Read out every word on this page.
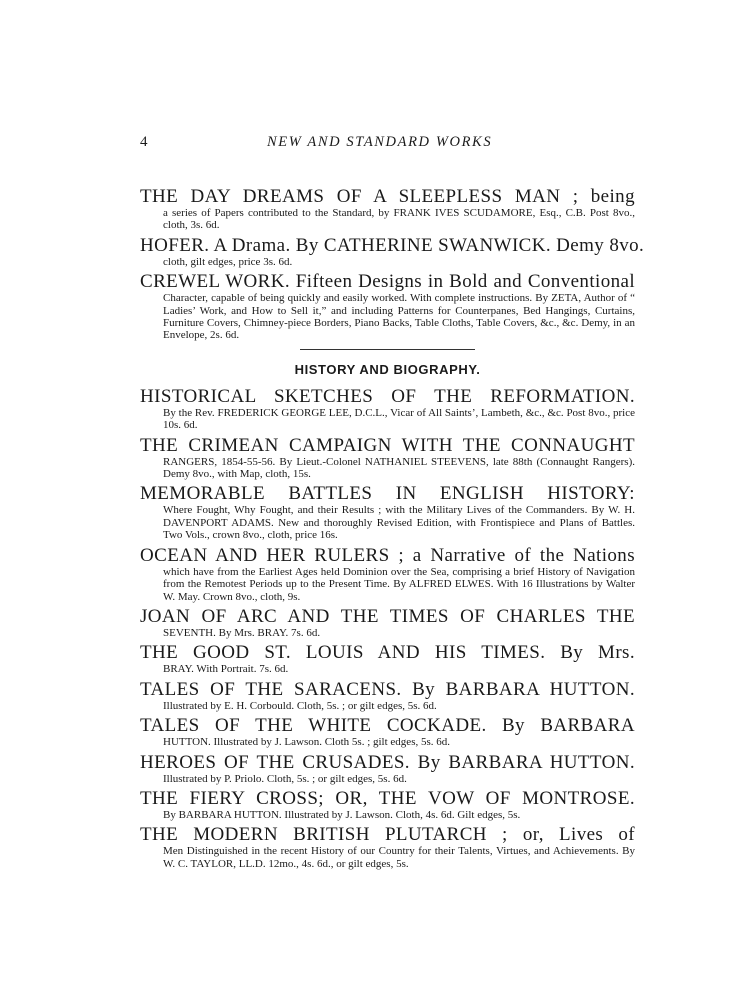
4	NEW AND STANDARD WORKS
THE DAY DREAMS OF A SLEEPLESS MAN ; being
a series of Papers contributed to the Standard, by FRANK IVES SCUDAMORE, Esq., C.B. Post 8vo., cloth, 3s. 6d.
HOFER. A Drama. By CATHERINE SWANWICK. Demy 8vo.
cloth, gilt edges, price 3s. 6d.
CREWEL WORK. Fifteen Designs in Bold and Conventional
Character, capable of being quickly and easily worked. With complete instructions. By ZETA, Author of “ Ladies’ Work, and How to Sell it,” and including Patterns for Counterpanes, Bed Hangings, Curtains, Furniture Covers, Chimney-piece Borders, Piano Backs, Table Cloths, Table Covers, &c., &c. Demy, in an Envelope, 2s. 6d.
HISTORY AND BIOGRAPHY.
HISTORICAL SKETCHES OF THE REFORMATION.
By the Rev. FREDERICK GEORGE LEE, D.C.L., Vicar of All Saints’, Lambeth, &c., &c. Post 8vo., price 10s. 6d.
THE CRIMEAN CAMPAIGN WITH THE CONNAUGHT
RANGERS, 1854-55-56. By Lieut.-Colonel NATHANIEL STEEVENS, late 88th (Connaught Rangers). Demy 8vo., with Map, cloth, 15s.
MEMORABLE BATTLES IN ENGLISH HISTORY:
Where Fought, Why Fought, and their Results ; with the Military Lives of the Commanders. By W. H. DAVENPORT ADAMS. New and thoroughly Revised Edition, with Frontispiece and Plans of Battles. Two Vols., crown 8vo., cloth, price 16s.
OCEAN AND HER RULERS ; a Narrative of the Nations
which have from the Earliest Ages held Dominion over the Sea, comprising a brief History of Navigation from the Remotest Periods up to the Present Time. By ALFRED ELWES. With 16 Illustrations by Walter W. May. Crown 8vo., cloth, 9s.
JOAN OF ARC AND THE TIMES OF CHARLES THE
SEVENTH. By Mrs. BRAY. 7s. 6d.
THE GOOD ST. LOUIS AND HIS TIMES. By Mrs.
BRAY. With Portrait. 7s. 6d.
TALES OF THE SARACENS. By BARBARA HUTTON.
Illustrated by E. H. Corbould. Cloth, 5s. ; or gilt edges, 5s. 6d.
TALES OF THE WHITE COCKADE. By BARBARA
HUTTON. Illustrated by J. Lawson. Cloth 5s. ; gilt edges, 5s. 6d.
HEROES OF THE CRUSADES. By BARBARA HUTTON.
Illustrated by P. Priolo. Cloth, 5s. ; or gilt edges, 5s. 6d.
THE FIERY CROSS; OR, THE VOW OF MONTROSE.
By BARBARA HUTTON. Illustrated by J. Lawson. Cloth, 4s. 6d. Gilt edges, 5s.
THE MODERN BRITISH PLUTARCH ; or, Lives of
Men Distinguished in the recent History of our Country for their Talents, Virtues, and Achievements. By W. C. TAYLOR, LL.D. 12mo., 4s. 6d., or gilt edges, 5s.
